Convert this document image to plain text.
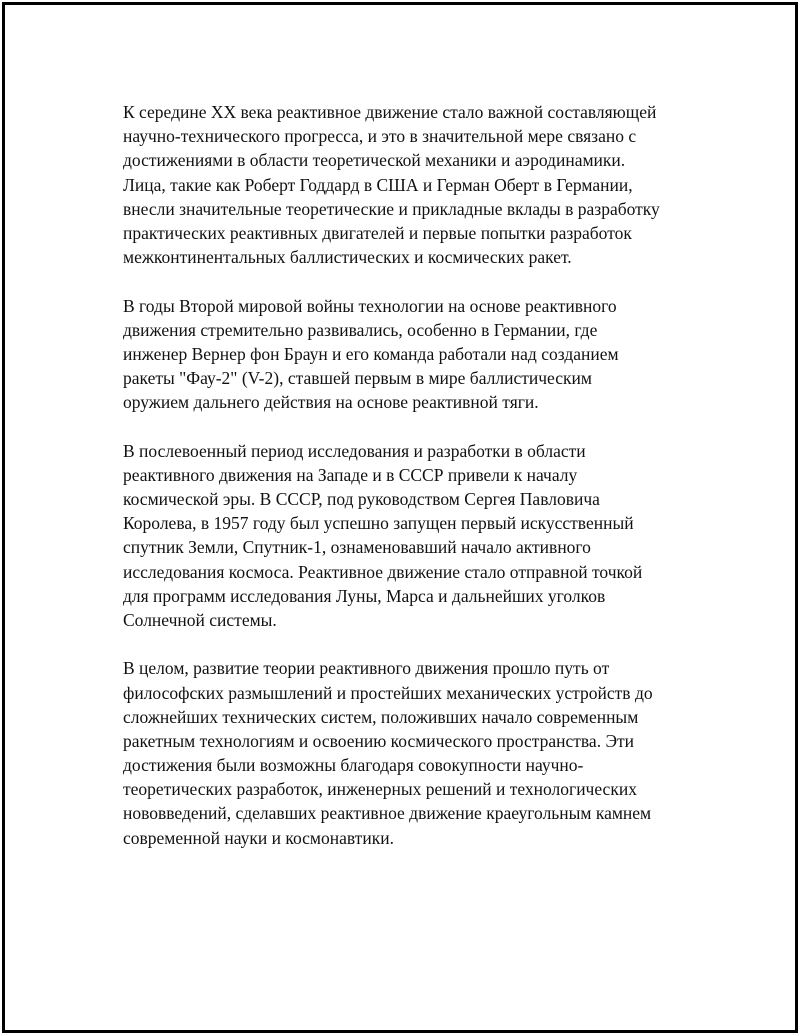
К середине XX века реактивное движение стало важной составляющей
научно-технического прогресса, и это в значительной мере связано с
достижениями в области теоретической механики и аэродинамики.
Лица, такие как Роберт Годдард в США и Герман Оберт в Германии,
внесли значительные теоретические и прикладные вклады в разработку
практических реактивных двигателей и первые попытки разработок
межконтинентальных баллистических и космических ракет.

В годы Второй мировой войны технологии на основе реактивного
движения стремительно развивались, особенно в Германии, где
инженер Вернер фон Браун и его команда работали над созданием
ракеты "Фау-2" (V-2), ставшей первым в мире баллистическим
оружием дальнего действия на основе реактивной тяги.

В послевоенный период исследования и разработки в области
реактивного движения на Западе и в СССР привели к началу
космической эры. В СССР, под руководством Сергея Павловича
Королева, в 1957 году был успешно запущен первый искусственный
спутник Земли, Спутник-1, ознаменовавший начало активного
исследования космоса. Реактивное движение стало отправной точкой
для программ исследования Луны, Марса и дальнейших уголков
Солнечной системы.

В целом, развитие теории реактивного движения прошло путь от
философских размышлений и простейших механических устройств до
сложнейших технических систем, положивших начало современным
ракетным технологиям и освоению космического пространства. Эти
достижения были возможны благодаря совокупности научно-
теоретических разработок, инженерных решений и технологических
нововведений, сделавших реактивное движение краеугольным камнем
современной науки и космонавтики.
